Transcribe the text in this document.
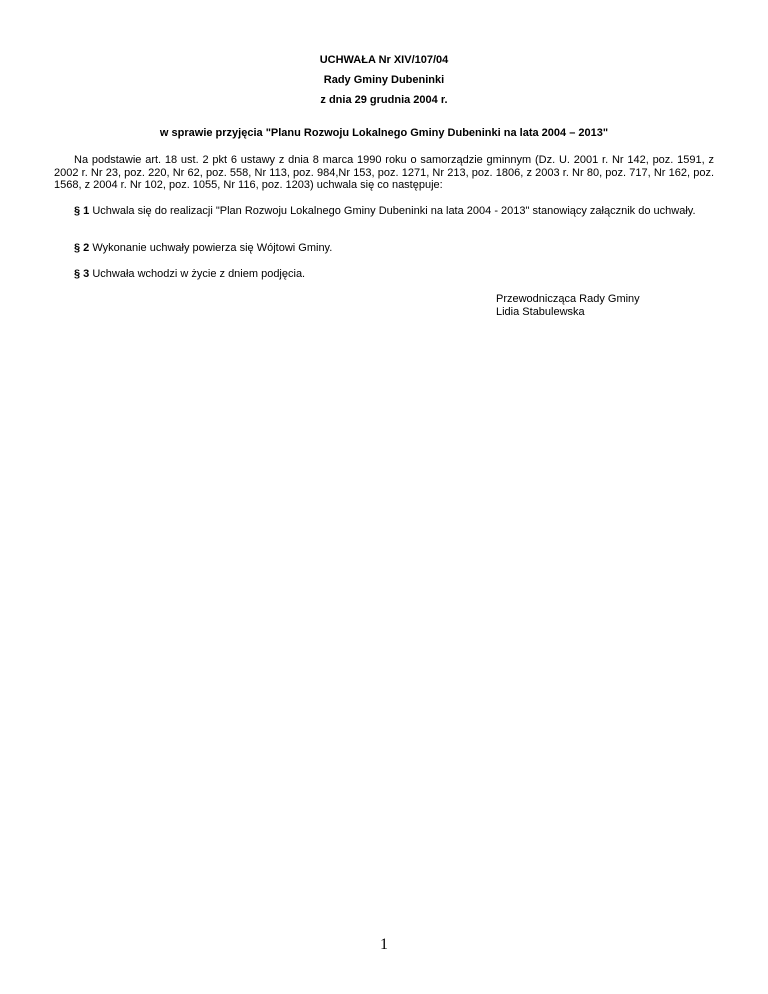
UCHWAŁA Nr XIV/107/04
Rady Gminy Dubeninki
z dnia 29 grudnia 2004 r.
w sprawie przyjęcia "Planu Rozwoju Lokalnego Gminy Dubeninki na lata 2004 – 2013"

Na podstawie art. 18 ust. 2 pkt 6 ustawy z dnia 8 marca 1990 roku o samorządzie gminnym (Dz. U. 2001 r. Nr 142, poz. 1591, z 2002 r. Nr 23, poz. 220, Nr 62, poz. 558, Nr 113, poz. 984,Nr 153, poz. 1271, Nr 213, poz. 1806, z 2003 r. Nr 80, poz. 717, Nr 162, poz. 1568, z 2004 r. Nr 102, poz. 1055, Nr 116, poz. 1203) uchwala się co następuje:

§ 1 Uchwala się do realizacji "Plan Rozwoju Lokalnego Gminy Dubeninki na lata 2004 - 2013" stanowiący załącznik do uchwały.

§ 2 Wykonanie uchwały powierza się Wójtowi Gminy.

§ 3 Uchwała wchodzi w życie z dniem podjęcia.

Przewodnicząca Rady Gminy
Lidia Stabulewska
1
